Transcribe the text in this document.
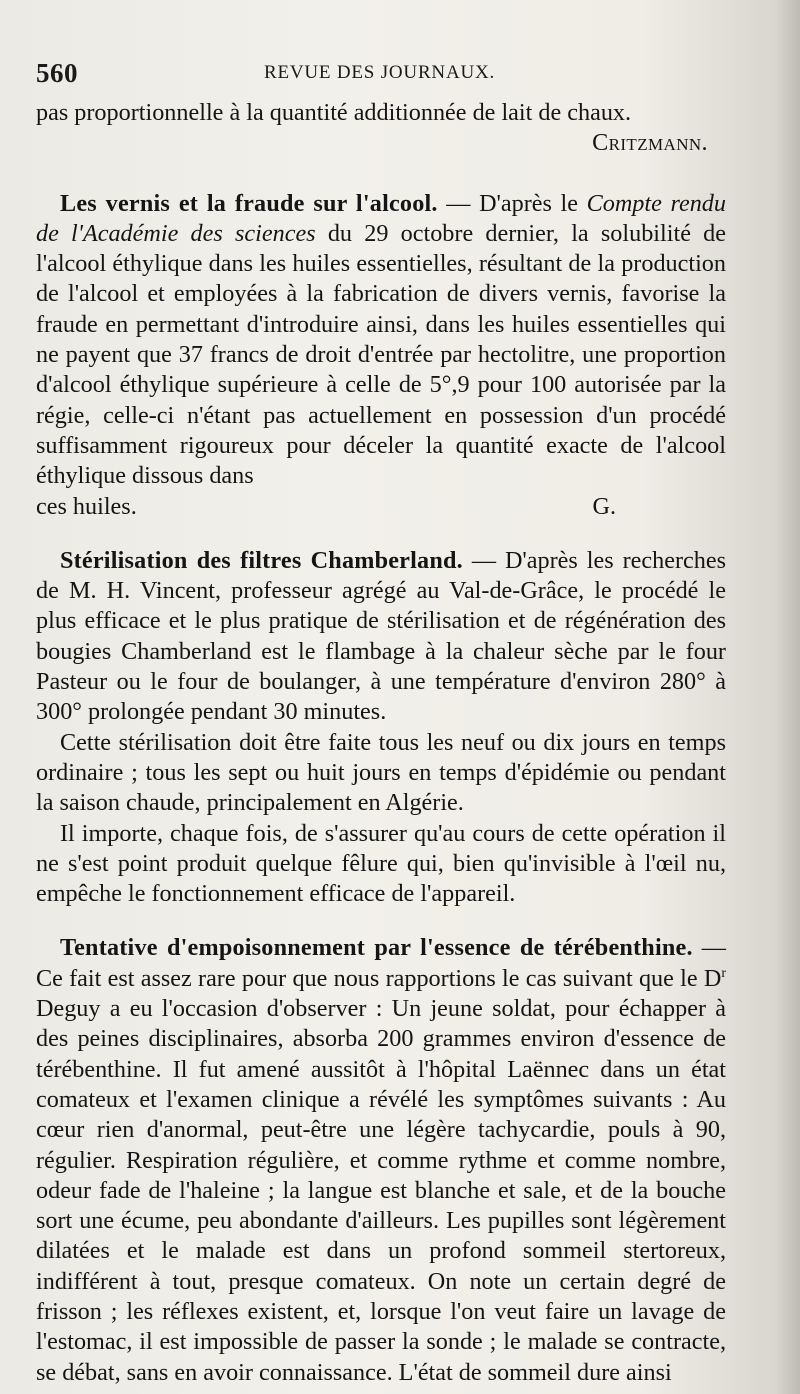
560	REVUE DES JOURNAUX.

pas proportionnelle à la quantité additionnée de lait de chaux.

Critzmann.

Les vernis et la fraude sur l'alcool. — D'après le Compte rendu de l'Académie des sciences du 29 octobre dernier, la solubilité de l'alcool éthylique dans les huiles essentielles, résultant de la production de l'alcool et employées à la fabrication de divers vernis, favorise la fraude en permettant d'introduire ainsi, dans les huiles essentielles qui ne payent que 37 francs de droit d'entrée par hectolitre, une proportion d'alcool éthylique supérieure à celle de 5°,9 pour 100 autorisée par la régie, celle-ci n'étant pas actuellement en possession d'un procédé suffisamment rigoureux pour déceler la quantité exacte de l'alcool éthylique dissous dans

ces huiles.	G.

Stérilisation des filtres Chamberland. — D'après les recherches de M. H. Vincent, professeur agrégé au Val-de-Grâce, le procédé le plus efficace et le plus pratique de stérilisation et de régénération des bougies Chamberland est le flambage à la chaleur sèche par le four Pasteur ou le four de boulanger, à une température d'environ 280° à 300° prolongée pendant 30 minutes.

Cette stérilisation doit être faite tous les neuf ou dix jours en temps ordinaire ; tous les sept ou huit jours en temps d'épidémie ou pendant la saison chaude, principalement en Algérie.

Il importe, chaque fois, de s'assurer qu'au cours de cette opération il ne s'est point produit quelque fêlure qui, bien qu'invisible à l'œil nu, empêche le fonctionnement efficace de l'appareil.

Tentative d'empoisonnement par l'essence de térébenthine. — Ce fait est assez rare pour que nous rapportions le cas suivant que le $D^r$ Deguy a eu l'occasion d'observer : Un jeune soldat, pour échapper à des peines disciplinaires, absorba 200 grammes environ d'essence de térébenthine. Il fut amené aussitôt à l'hôpital Laënnec dans un état comateux et l'examen clinique a révélé les symptômes suivants : Au cœur rien d'anormal, peut-être une légère tachycardie, pouls à 90, régulier. Respiration régulière, et comme rythme et comme nombre, odeur fade de l'haleine ; la langue est blanche et sale, et de la bouche sort une écume, peu abondante d'ailleurs. Les pupilles sont légèrement dilatées et le malade est dans un profond sommeil stertoreux, indifférent à tout, presque comateux. On note un certain degré de frisson ; les réflexes existent, et, lorsque l'on veut faire un lavage de l'estomac, il est impossible de passer la sonde ; le malade se contracte, se débat, sans en avoir connaissance. L'état de sommeil dure ainsi
